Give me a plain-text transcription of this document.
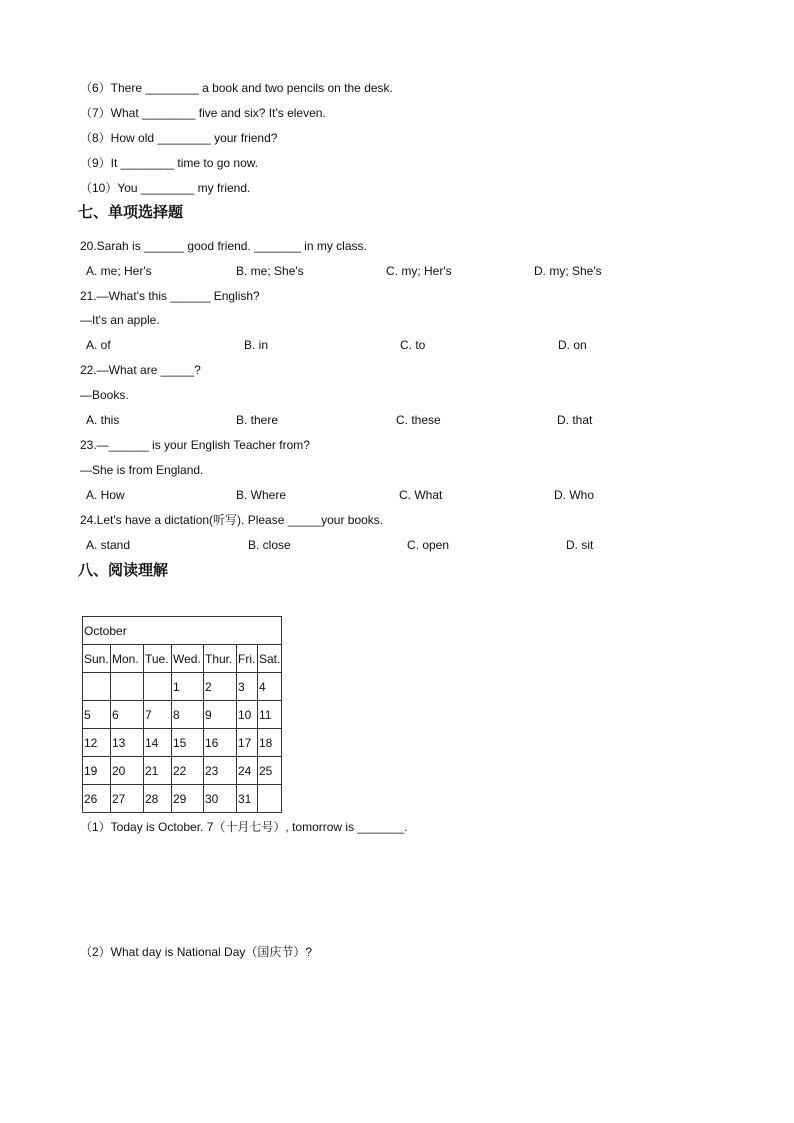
（6）There ________ a book and two pencils on the desk.
（7）What ________ five and six? It's eleven.
（8）How old ________ your friend?
（9）It ________ time to go now.
（10）You ________ my friend.
七、单项选择题
20.Sarah is ______ good friend. _______ in my class.
A. me; Her's	B. me; She's	C. my; Her's	D. my; She's
21.—What's this ______ English?
—It's an apple.
A. of	B. in	C. to	D. on
22.—What are _____?
—Books.
A. this	B. there	C. these	D. that
23.—______ is your English Teacher from?
—She is from England.
A. How	B. Where	C. What	D. Who
24.Let's have a dictation(听写). Please _____your books.
A. stand	B. close	C. open	D. sit
八、阅读理解
October						
Sun.	Mon.	Tue.	Wed.	Thur.	Fri.	Sat.
			1	2	3	4
5	6	7	8	9	10	11
12	13	14	15	16	17	18
19	20	21	22	23	24	25
26	27	28	29	30	31	
（1）Today is October. 7（十月七号）, tomorrow is _______.
（2）What day is National Day（国庆节）?
